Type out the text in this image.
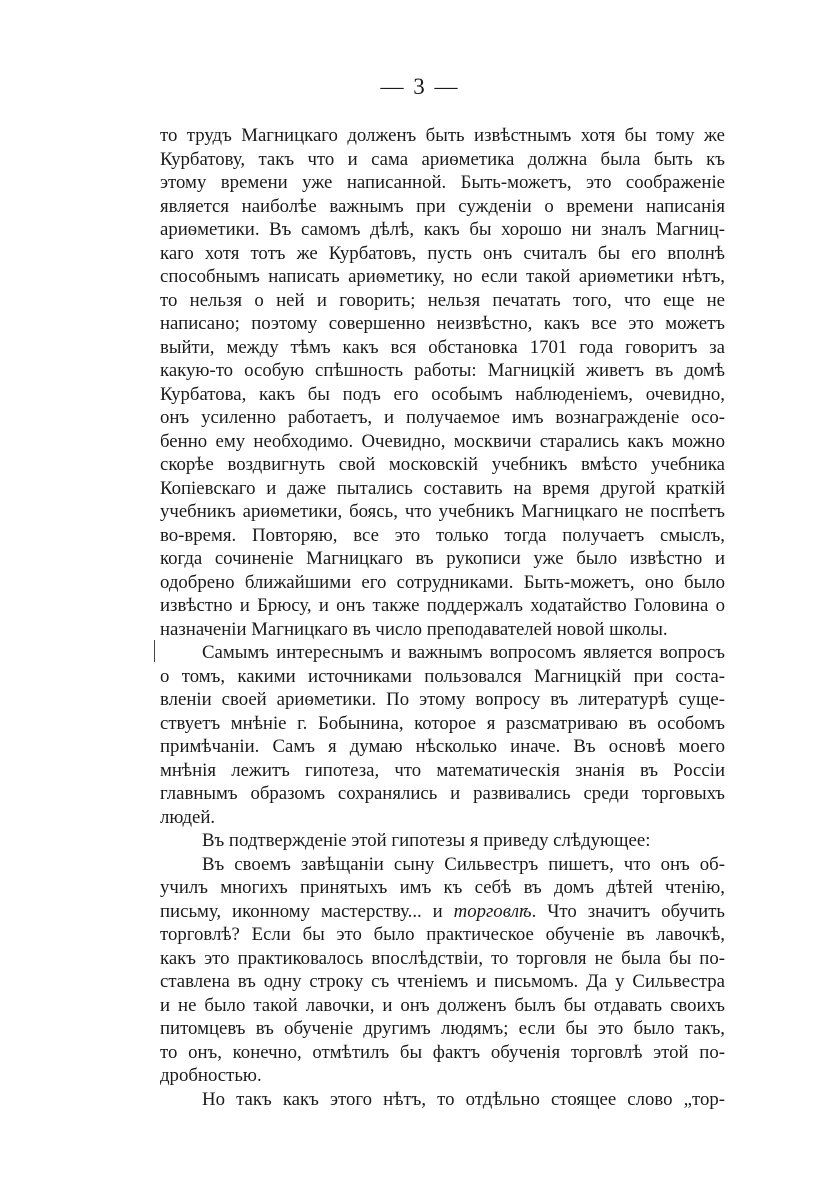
— 3 —
то трудъ Магницкаго долженъ быть извѣстнымъ хотя бы тому же
Курбатову, такъ что и сама ариѳметика должна была быть къ
этому времени уже написанной. Быть-можетъ, это соображеніе
является наиболѣе важнымъ при сужденіи о времени написанія
ариѳметики. Въ самомъ дѣлѣ, какъ бы хорошо ни зналъ Магниц-
каго хотя тотъ же Курбатовъ, пусть онъ считалъ бы его вполнѣ
способнымъ написать ариѳметику, но если такой ариѳметики нѣтъ,
то нельзя о ней и говорить; нельзя печатать того, что еще не
написано; поэтому совершенно неизвѣстно, какъ все это можетъ
выйти, между тѣмъ какъ вся обстановка 1701 года говоритъ за
какую-то особую спѣшность работы: Магницкій живетъ въ домѣ
Курбатова, какъ бы подъ его особымъ наблюденіемъ, очевидно,
онъ усиленно работаетъ, и получаемое имъ вознагражденіе осо-
бенно ему необходимо. Очевидно, москвичи старались какъ можно
скорѣе воздвигнуть свой московскій учебникъ вмѣсто учебника
Копіевскаго и даже пытались составить на время другой краткій
учебникъ ариѳметики, боясь, что учебникъ Магницкаго не поспѣетъ
во-время. Повторяю, все это только тогда получаетъ смыслъ,
когда сочиненіе Магницкаго въ рукописи уже было извѣстно и
одобрено ближайшими его сотрудниками. Быть-можетъ, оно было
извѣстно и Брюсу, и онъ также поддержалъ ходатайство Головина о
назначеніи Магницкаго въ число преподавателей новой школы.
Самымъ интереснымъ и важнымъ вопросомъ является вопросъ
о томъ, какими источниками пользовался Магницкій при соста-
вленіи своей ариѳметики. По этому вопросу въ литературѣ суще-
ствуетъ мнѣніе г. Бобынина, которое я разсматриваю въ особомъ
примѣчаніи. Самъ я думаю нѣсколько иначе. Въ основѣ моего
мнѣнія лежитъ гипотеза, что математическія знанія въ Россіи
главнымъ образомъ сохранялись и развивались среди торговыхъ
людей.
Въ подтвержденіе этой гипотезы я приведу слѣдующее:
Въ своемъ завѣщаніи сыну Сильвестръ пишетъ, что онъ об-
училъ многихъ принятыхъ имъ къ себѣ въ домъ дѣтей чтенію,
письму, иконному мастерству... и торговлѣ. Что значитъ обучить
торговлѣ? Если бы это было практическое обученіе въ лавочкѣ,
какъ это практиковалось впослѣдствіи, то торговля не была бы по-
ставлена въ одну строку съ чтеніемъ и письмомъ. Да у Сильвестра
и не было такой лавочки, и онъ долженъ былъ бы отдавать своихъ
питомцевъ въ обученіе другимъ людямъ; если бы это было такъ,
то онъ, конечно, отмѣтилъ бы фактъ обученія торговлѣ этой по-
дробностью.
Но такъ какъ этого нѣтъ, то отдѣльно стоящее слово „тор-
